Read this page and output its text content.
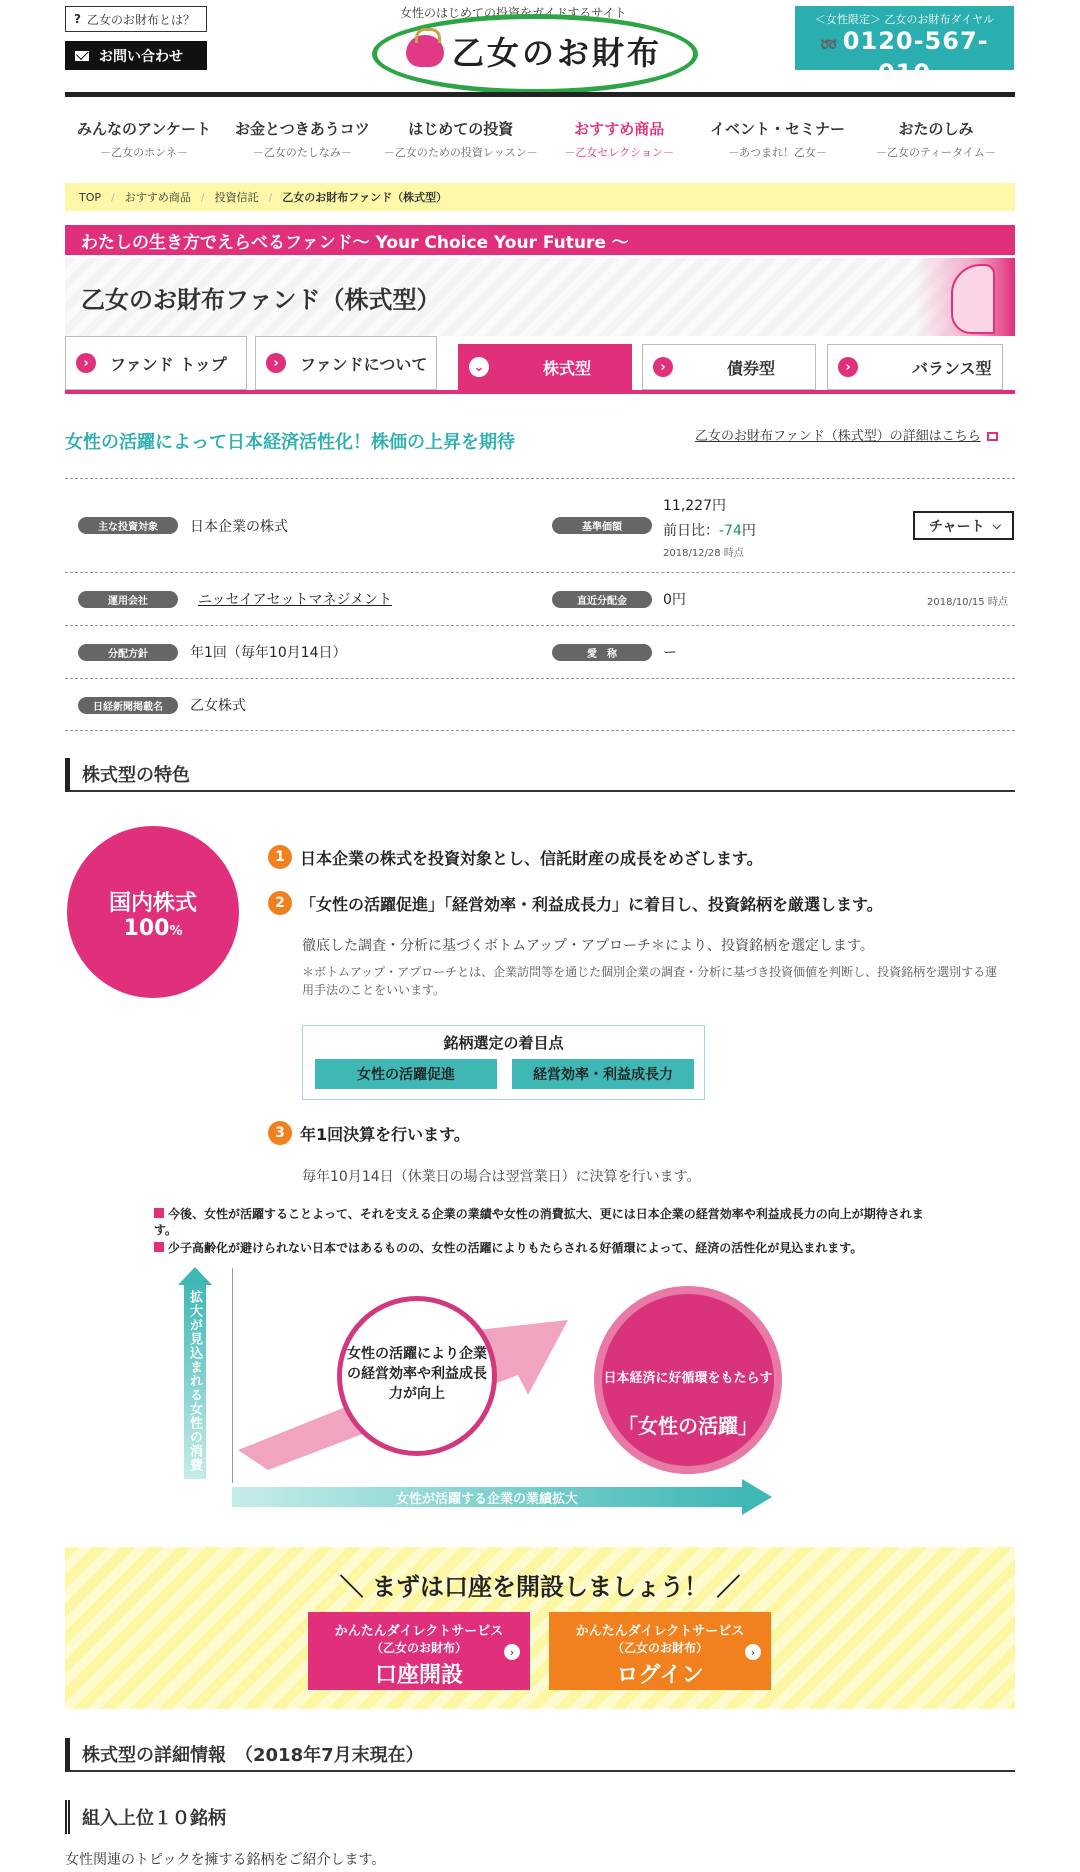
? 乙女のお財布とは？
お問い合わせ
女性のはじめての投資をガイドするサイト
乙女のお財布
＜女性限定＞ 乙女のお財布ダイヤル
➿ 0120-567-010
みんなのアンケート
－乙女のホンネ－
お金とつきあうコツ
－乙女のたしなみ－
はじめての投資
－乙女のための投資レッスン－
おすすめ商品
－乙女セレクション－
イベント・セミナー
－あつまれ！乙女－
おたのしみ
－乙女のティータイム－
TOP / おすすめ商品 / 投資信託 / 乙女のお財布ファンド（株式型）
わたしの生き方でえらべるファンド〜 Your Choice Your Future 〜
乙女のお財布ファンド（株式型）
›	ファンド トップ	›	ファンドについて	⌄	株式型	›	債券型	›	バランス型
女性の活躍によって日本経済活性化！株価の上昇を期待	乙女のお財布ファンド（株式型）の詳細はこちら
主な投資対象	日本企業の株式	基準価額
11,227円
前日比：-74円
2018/12/28 時点
チャート ⌵
運用会社	ニッセイアセットマネジメント	直近分配金	0円	2018/10/15 時点
分配方針	年1回（毎年10月14日）	愛　称	ー
日経新聞掲載名	乙女株式
株式型の特色
国内株式
100%
1 日本企業の株式を投資対象とし、信託財産の成長をめざします。
2 「女性の活躍促進」「経営効率・利益成長力」に着目し、投資銘柄を厳選します。
徹底した調査・分析に基づくボトムアップ・アプローチ＊により、投資銘柄を選定します。
＊ボトムアップ・アプローチとは、企業訪問等を通じた個別企業の調査・分析に基づき投資価値を判断し、投資銘柄を選別する運用手法のことをいいます。
銘柄選定の着目点
女性の活躍促進	経営効率・利益成長力
3 年1回決算を行います。
毎年10月14日（休業日の場合は翌営業日）に決算を行います。
今後、女性が活躍することよって、それを支える企業の業績や女性の消費拡大、更には日本企業の経営効率や利益成長力の向上が期待されます。
少子高齢化が避けられない日本ではあるものの、女性の活躍によりもたらされる好循環によって、経済の活性化が見込まれます。
拡大が見込まれる女性の消費	女性の活躍により企業の経営効率や利益成長力が向上
日本経済に好循環をもたらす
「女性の活躍」
女性が活躍する企業の業績拡大
＼ まずは口座を開設しましょう！ ／
かんたんダイレクトサービス
（乙女のお財布）
口座開設
›
かんたんダイレクトサービス
（乙女のお財布）
ログイン
›
株式型の詳細情報　（2018年7月末現在）
組入上位１０銘柄
女性関連のトピックを擁する銘柄をご紹介します。
